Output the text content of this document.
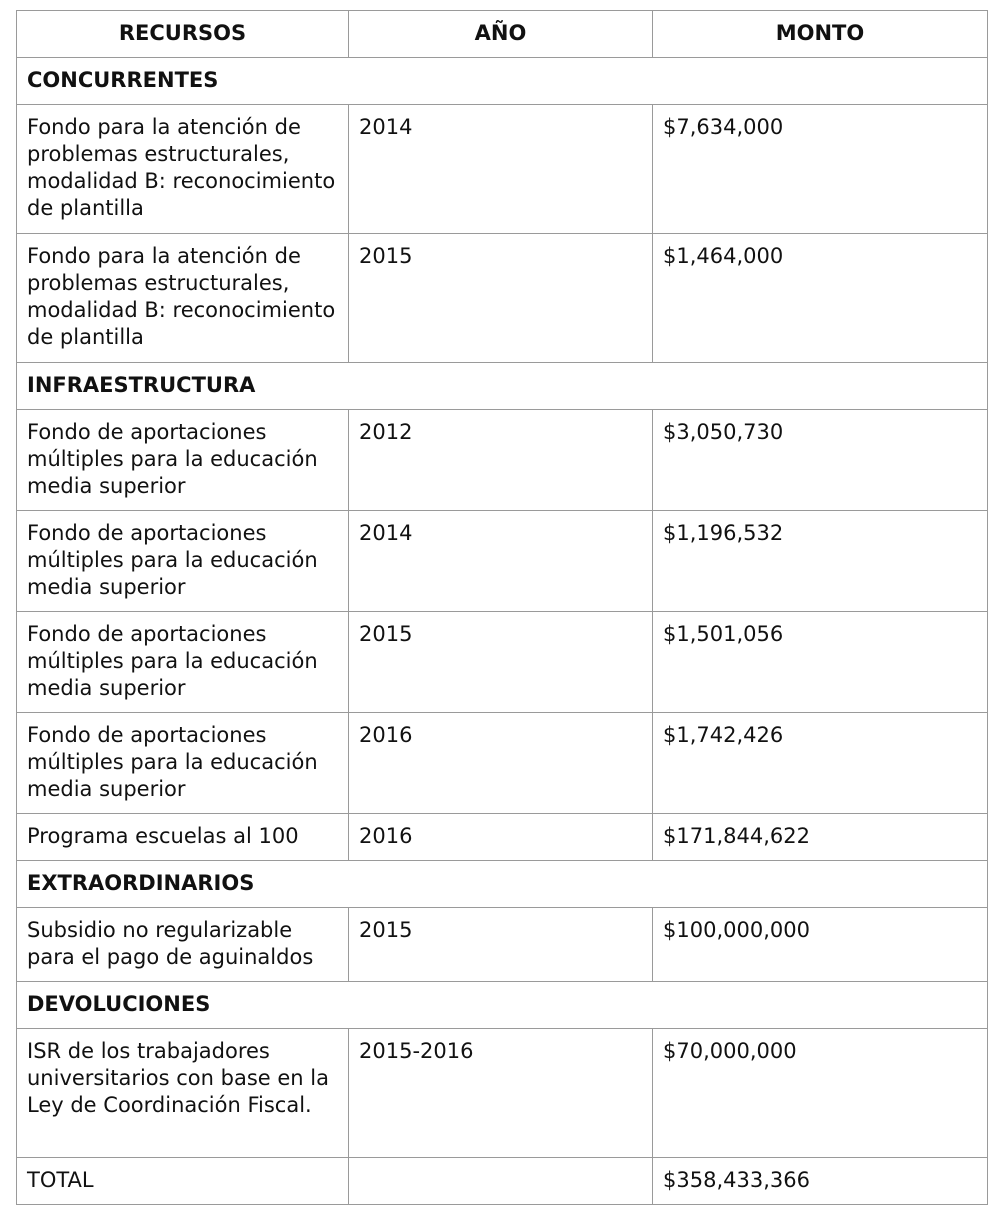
RECURSOS	AÑO	MONTO
CONCURRENTES		
Fondo para la atención de problemas estructurales, modalidad B: reconocimiento de plantilla	2014	$7,634,000
Fondo para la atención de problemas estructurales, modalidad B: reconocimiento de plantilla	2015	$1,464,000
INFRAESTRUCTURA		
Fondo de aportaciones múltiples para la educación media superior	2012	$3,050,730
Fondo de aportaciones múltiples para la educación media superior	2014	$1,196,532
Fondo de aportaciones múltiples para la educación media superior	2015	$1,501,056
Fondo de aportaciones múltiples para la educación media superior	2016	$1,742,426
Programa escuelas al 100	2016	$171,844,622
EXTRAORDINARIOS		
Subsidio no regularizable para el pago de aguinaldos	2015	$100,000,000
DEVOLUCIONES		
ISR de los trabajadores universitarios con base en la Ley de Coordinación Fiscal.	2015-2016	$70,000,000
TOTAL		$358,433,366
